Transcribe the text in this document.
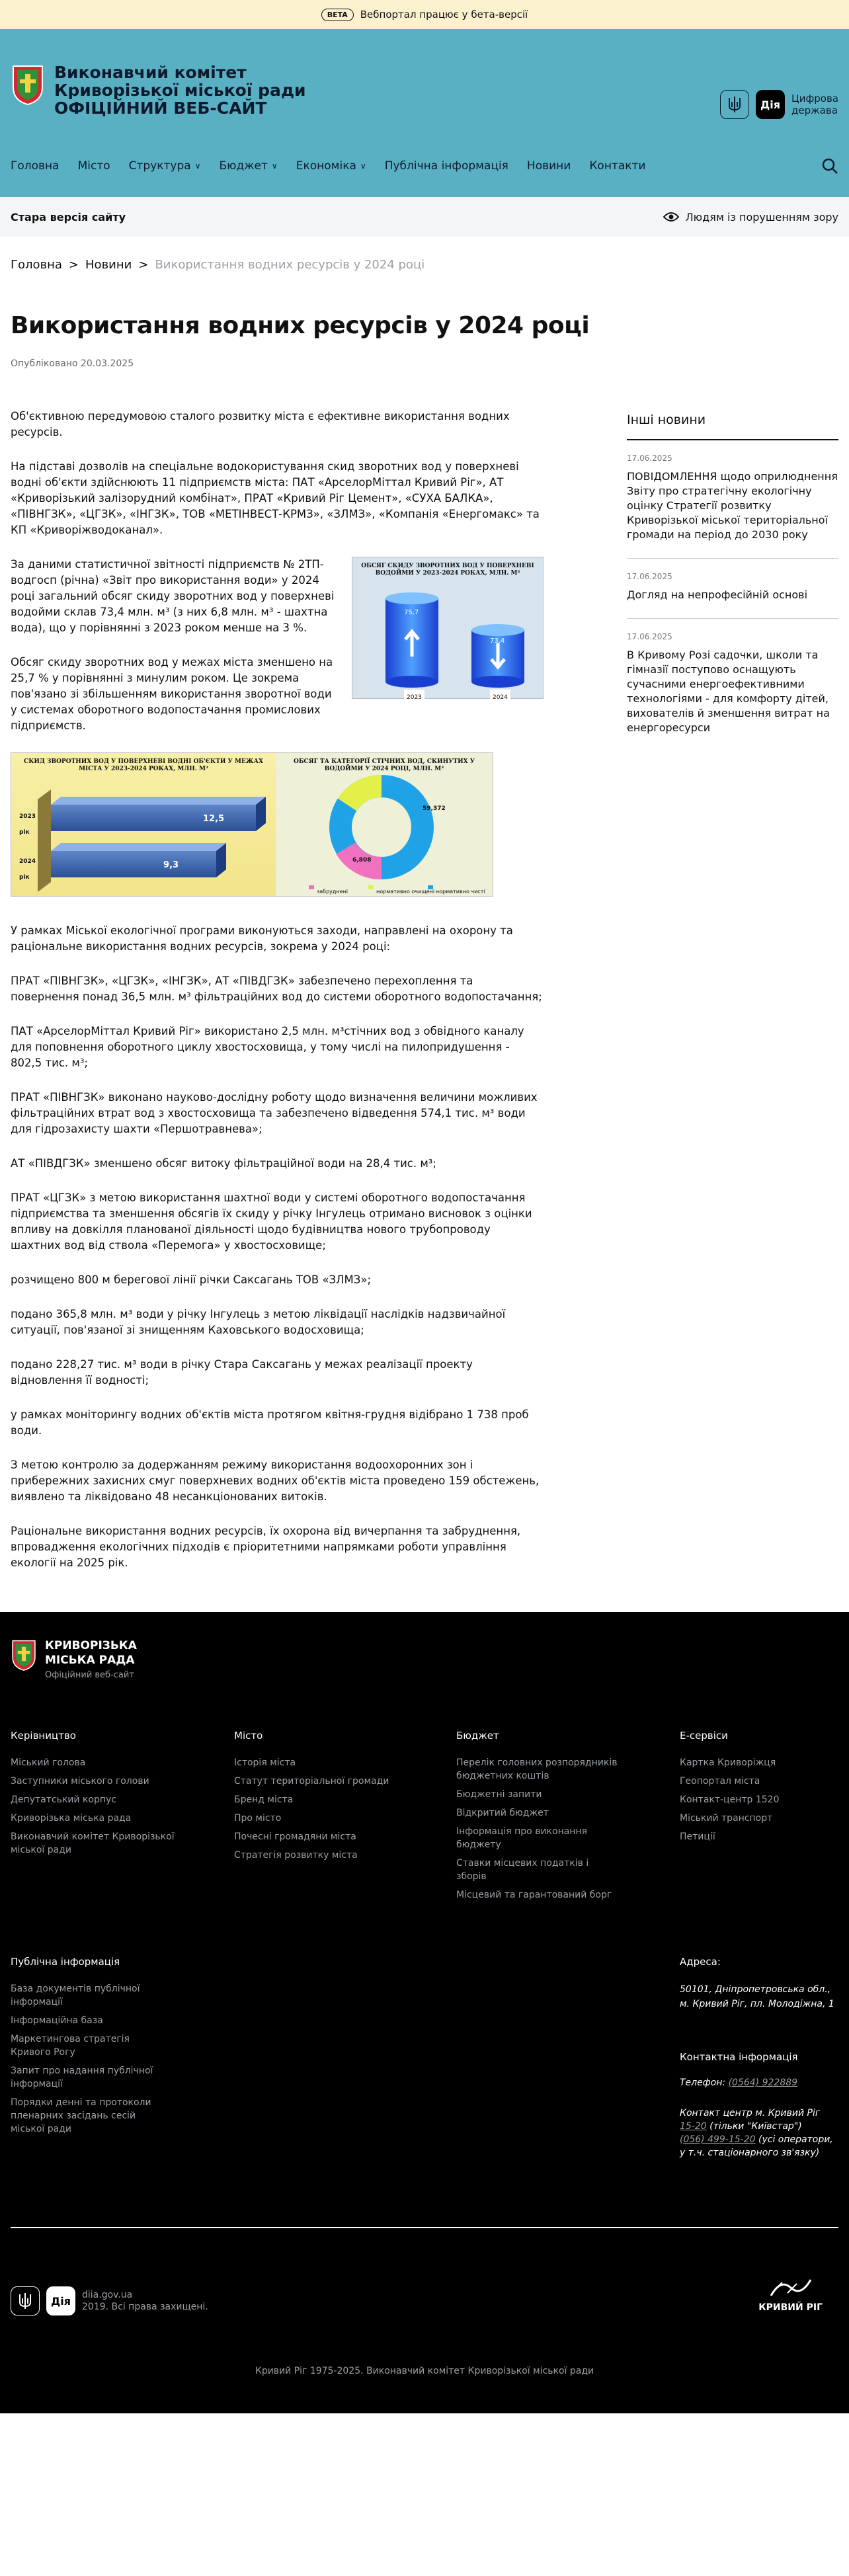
BETA	Вебпортал працює у бета-версії
Виконавчий комітет
Криворізької міської ради
ОФІЦІЙНИЙ ВЕБ-САЙТ	Дія	Цифрова
держава
Головна Місто Структура ∨ Бюджет ∨ Економіка ∨ Публічна інформація Новини Контакти
Стара версія сайту	Людям із порушенням зору
Головна > Новини > Використання водних ресурсів у 2024 році
Використання водних ресурсів у 2024 році
Опубліковано 20.03.2025

Об'єктивною передумовою сталого розвитку міста є ефективне використання водних ресурсів.

На підставі дозволів на спеціальне водокористування скид зворотних вод у поверхневі водні об'єкти здійснюють 11 підприємств міста: ПАТ «АрселорМіттал Кривий Ріг», АТ «Криворізький залізорудний комбінат», ПРАТ «Кривий Ріг Цемент», «СУХА БАЛКА», «ПІВНГЗК», «ЦГЗК», «ІНГЗК», ТОВ «МЕТІНВЕСТ-КРМЗ», «ЗЛМЗ», «Компанія «Енергомакс» та КП «Криворіжводоканал».

За даними статистичної звітності підприємств № 2ТП-водгосп (річна) «Звіт про використання води» у 2024 році загальний обсяг скиду зворотних вод у поверхневі водойми склав 73,4 млн. м³ (з них 6,8 млн. м³ - шахтна вода), що у порівнянні з 2023 роком менше на 3 %.

Обсяг скиду зворотних вод у межах міста зменшено на 25,7 % у порівнянні з минулим роком. Це зокрема пов'язано зі збільшенням використання зворотної води у системах оборотного водопостачання промислових підприємств.

ОБСЯГ СКИДУ ЗВОРОТНИХ ВОД У ПОВЕРХНЕВІ ВОДОЙМИ У 2023-2024 РОКАХ, МЛН. М³
75,7
73,4
2023	2024
СКИД ЗВОРОТНИХ ВОД У ПОВЕРХНЕВІ ВОДНІ ОБ'ЄКТИ У МЕЖАХ МІСТА У 2023-2024 РОКАХ, МЛН. М³
12,5
9,3
2023 рік
2024 рік
ОБСЯГ ТА КАТЕГОРІЇ СТІЧНИХ ВОД, СКИНУТИХ У ВОДОЙМИ У 2024 РОЦІ, МЛН. М³
59,372
6,808
забруднені	нормативно очищені нормативно чисті

У рамках Міської екологічної програми виконуються заходи, направлені на охорону та раціональне використання водних ресурсів, зокрема у 2024 році:

ПРАТ «ПІВНГЗК», «ЦГЗК», «ІНГЗК», АТ «ПІВДГЗК» забезпечено перехоплення та повернення понад 36,5 млн. м³ фільтраційних вод до системи оборотного водопостачання;

ПАТ «АрселорМіттал Кривий Ріг» використано 2,5 млн. м³стічних вод з обвідного каналу для поповнення оборотного циклу хвостосховища, у тому числі на пилопридушення - 802,5 тис. м³;

ПРАТ «ПІВНГЗК» виконано науково-дослідну роботу щодо визначення величини можливих фільтраційних втрат вод з хвостосховища та забезпечено відведення 574,1 тис. м³ води для гідрозахисту шахти «Першотравнева»;

АТ «ПІВДГЗК» зменшено обсяг витоку фільтраційної води на 28,4 тис. м³;

ПРАТ «ЦГЗК» з метою використання шахтної води у системі оборотного водопостачання підприємства та зменшення обсягів їх скиду у річку Інгулець отримано висновок з оцінки впливу на довкілля планованої діяльності щодо будівництва нового трубопроводу шахтних вод від ствола «Перемога» у хвостосховище;

розчищено 800 м берегової лінії річки Саксагань ТОВ «ЗЛМЗ»;

подано 365,8 млн. м³ води у річку Інгулець з метою ліквідації наслідків надзвичайної ситуації, пов'язаної зі знищенням Каховського водосховища;

подано 228,27 тис. м³ води в річку Стара Саксагань у межах реалізації проекту відновлення її водності;

у рамках моніторингу водних об'єктів міста протягом квітня-грудня відібрано 1 738 проб води.

З метою контролю за додержанням режиму використання водоохоронних зон і прибережних захисних смуг поверхневих водних об'єктів міста проведено 159 обстежень, виявлено та ліквідовано 48 несанкціонованих витоків.

Раціональне використання водних ресурсів, їх охорона від вичерпання та забруднення, впровадження екологічних підходів є пріоритетними напрямками роботи управління екології на 2025 рік.

Інші новини
17.06.2025
ПОВІДОМЛЕННЯ щодо оприлюднення Звіту про стратегічну екологічну оцінку Стратегії розвитку Криворізької міської територіальної громади на період до 2030 року
17.06.2025
Догляд на непрофесійній основі
17.06.2025
В Кривому Розі садочки, школи та гімназії поступово оснащують сучасними енергоефективними технологіями - для комфорту дітей, вихователів й зменшення витрат на енергоресурси
КРИВОРІЗЬКА
МІСЬКА РАДА
Офіційний веб-сайт
Керівництво
Міський голова
Заступники міського голови
Депутатський корпус
Криворізька міська рада
Виконавчий комітет Криворізької міської ради
Місто
Історія міста
Статут територіальної громади
Бренд міста
Про місто
Почесні громадяни міста
Стратегія розвитку міста
Бюджет
Перелік головних розпорядників бюджетних коштів
Бюджетні запити
Відкритий бюджет
Інформація про виконання бюджету
Ставки місцевих податків і зборів
Місцевий та гарантований борг
Е-сервіси
Картка Криворіжця
Геопортал міста
Контакт-центр 1520
Міський транспорт
Петиції
Публічна інформація
База документів публічної інформації
Інформаційна база
Маркетингова стратегія Кривого Рогу
Запит про надання публічної інформації
Порядки денні та протоколи пленарних засідань сесій міської ради
Адреса:
50101, Дніпропетровська обл., м. Кривий Ріг, пл. Молодіжна, 1
Контактна інформація
Телефон: (0564) 922889
Контакт центр м. Кривий Ріг
15-20 (тільки "Київстар")
(056) 499-15-20 (усі оператори, у т.ч. стаціонарного зв'язку)
Дія	diia.gov.ua
2019. Всі права захищені.	КРИВИЙ РІГ
Кривий Ріг 1975-2025. Виконавчий комітет Криворізької міської ради
